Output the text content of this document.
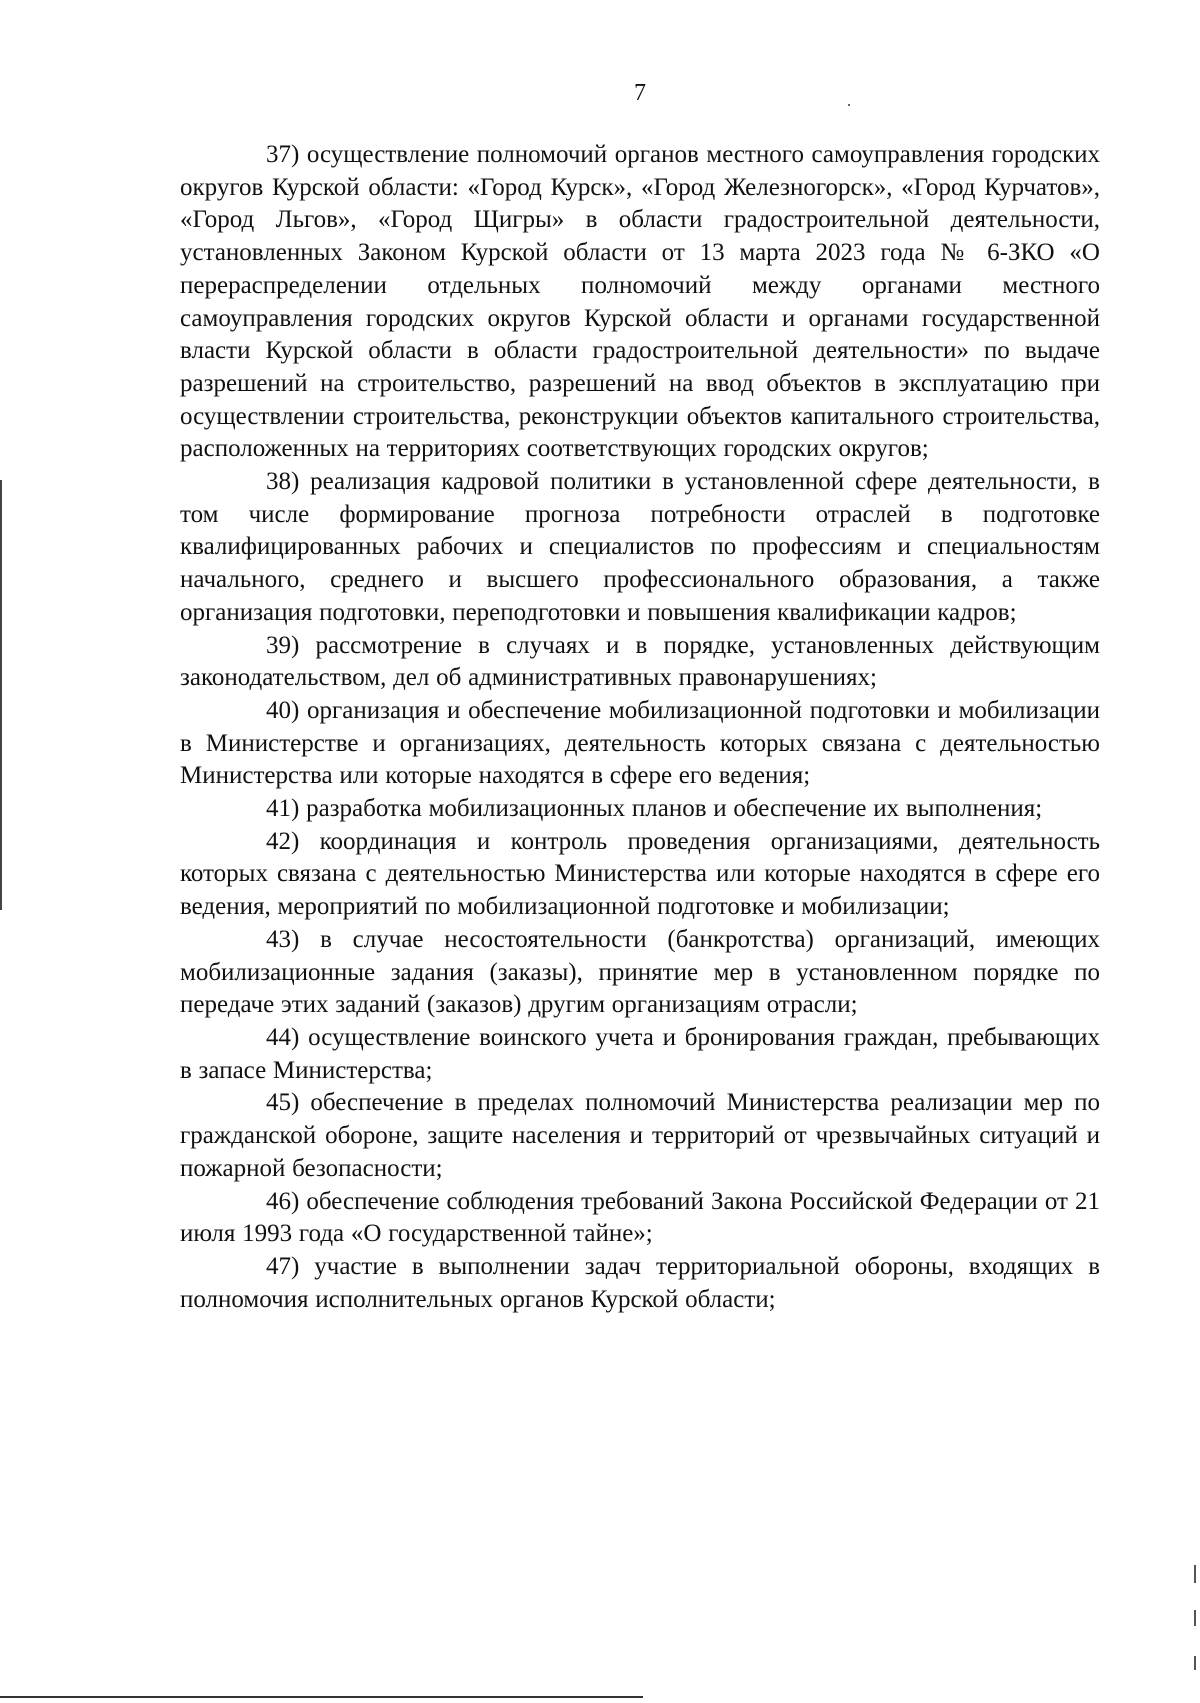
7

37) осуществление полномочий органов местного самоуправления городских округов Курской области: «Город Курск», «Город Железногорск», «Город Курчатов», «Город Льгов», «Город Щигры» в области градостроительной деятельности, установленных Законом Курской области от 13 марта 2023 года № 6-ЗКО «О перераспределении отдельных полномочий между органами местного самоуправления городских округов Курской области и органами государственной власти Курской области в области градостроительной деятельности» по выдаче разрешений на строительство, разрешений на ввод объектов в эксплуатацию при осуществлении строительства, реконструкции объектов капитального строительства, расположенных на территориях соответствующих городских округов;

38) реализация кадровой политики в установленной сфере деятельности, в том числе формирование прогноза потребности отраслей в подготовке квалифицированных рабочих и специалистов по профессиям и специальностям начального, среднего и высшего профессионального образования, а также организация подготовки, переподготовки и повышения квалификации кадров;

39) рассмотрение в случаях и в порядке, установленных действующим законодательством, дел об административных правонарушениях;

40) организация и обеспечение мобилизационной подготовки и мобилизации в Министерстве и организациях, деятельность которых связана с деятельностью Министерства или которые находятся в сфере его ведения;

41) разработка мобилизационных планов и обеспечение их выполнения;

42) координация и контроль проведения организациями, деятельность которых связана с деятельностью Министерства или которые находятся в сфере его ведения, мероприятий по мобилизационной подготовке и мобилизации;

43) в случае несостоятельности (банкротства) организаций, имеющих мобилизационные задания (заказы), принятие мер в установленном порядке по передаче этих заданий (заказов) другим организациям отрасли;

44) осуществление воинского учета и бронирования граждан, пребывающих в запасе Министерства;

45) обеспечение в пределах полномочий Министерства реализации мер по гражданской обороне, защите населения и территорий от чрезвычайных ситуаций и пожарной безопасности;

46) обеспечение соблюдения требований Закона Российской Федерации от 21 июля 1993 года «О государственной тайне»;

47) участие в выполнении задач территориальной обороны, входящих в полномочия исполнительных органов Курской области;
